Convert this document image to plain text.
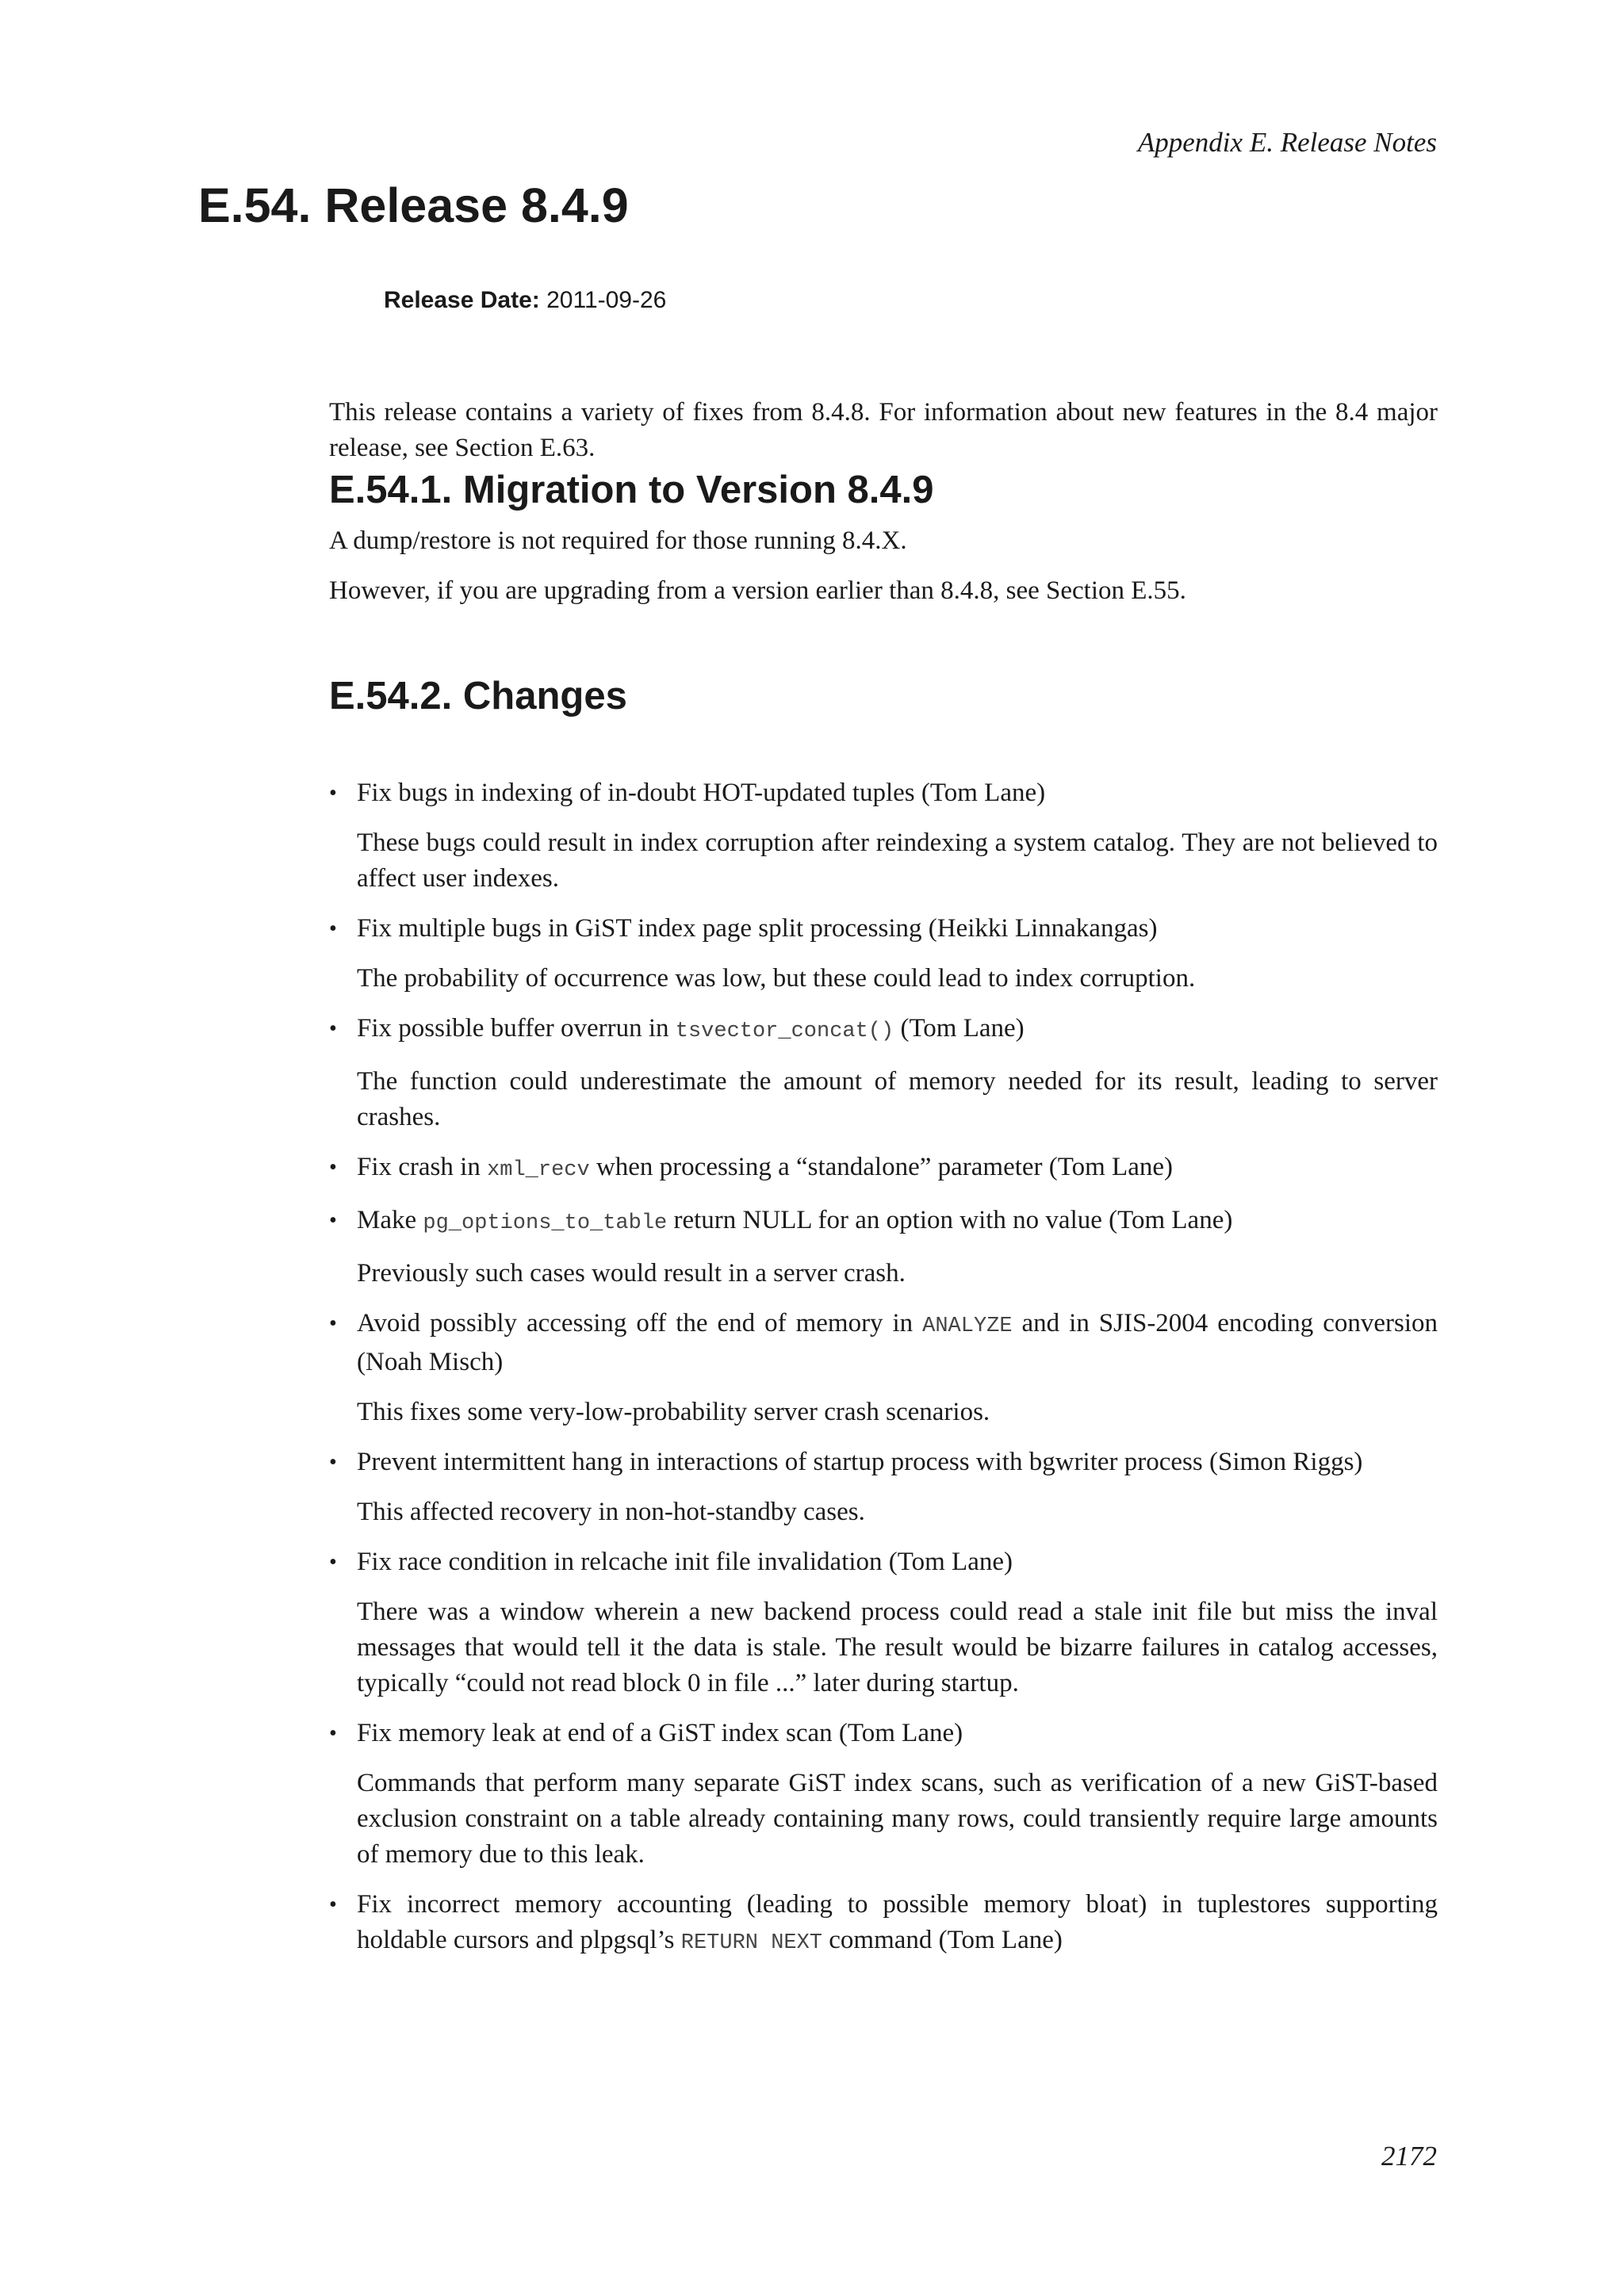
Appendix E. Release Notes
E.54. Release 8.4.9
Release Date: 2011-09-26

This release contains a variety of fixes from 8.4.8. For information about new features in the 8.4 major release, see Section E.63.

E.54.1. Migration to Version 8.4.9

A dump/restore is not required for those running 8.4.X.

However, if you are upgrading from a version earlier than 8.4.8, see Section E.55.

E.54.2. Changes
• Fix bugs in indexing of in-doubt HOT-updated tuples (Tom Lane)
These bugs could result in index corruption after reindexing a system catalog. They are not believed to affect user indexes.
• Fix multiple bugs in GiST index page split processing (Heikki Linnakangas)
The probability of occurrence was low, but these could lead to index corruption.
• Fix possible buffer overrun in tsvector_concat() (Tom Lane)
The function could underestimate the amount of memory needed for its result, leading to server crashes.
• Fix crash in xml_recv when processing a “standalone” parameter (Tom Lane)
• Make pg_options_to_table return NULL for an option with no value (Tom Lane)
Previously such cases would result in a server crash.
• Avoid possibly accessing off the end of memory in ANALYZE and in SJIS-2004 encoding conversion (Noah Misch)
This fixes some very-low-probability server crash scenarios.
• Prevent intermittent hang in interactions of startup process with bgwriter process (Simon Riggs)
This affected recovery in non-hot-standby cases.
• Fix race condition in relcache init file invalidation (Tom Lane)
There was a window wherein a new backend process could read a stale init file but miss the inval messages that would tell it the data is stale. The result would be bizarre failures in catalog accesses, typically “could not read block 0 in file ...” later during startup.
• Fix memory leak at end of a GiST index scan (Tom Lane)
Commands that perform many separate GiST index scans, such as verification of a new GiST-based exclusion constraint on a table already containing many rows, could transiently require large amounts of memory due to this leak.
• Fix incorrect memory accounting (leading to possible memory bloat) in tuplestores supporting holdable cursors and plpgsql’s RETURN NEXT command (Tom Lane)
2172
